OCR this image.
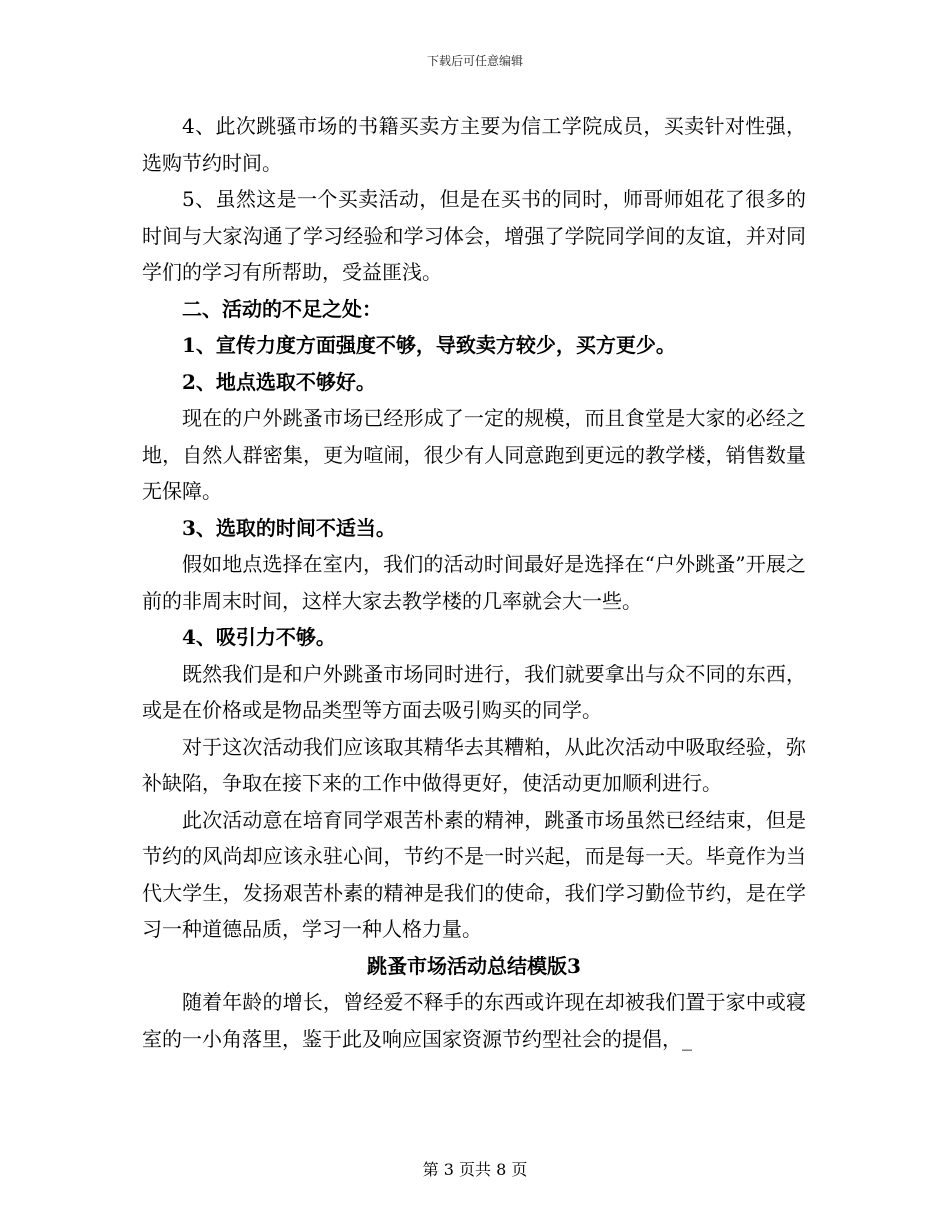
下载后可任意编辑

4、此次跳骚市场的书籍买卖方主要为信工学院成员，买卖针对性强，选购节约时间。

5、虽然这是一个买卖活动，但是在买书的同时，师哥师姐花了很多的时间与大家沟通了学习经验和学习体会，增强了学院同学间的友谊，并对同学们的学习有所帮助，受益匪浅。

二、活动的不足之处：

1、宣传力度方面强度不够，导致卖方较少，买方更少。

2、地点选取不够好。

现在的户外跳蚤市场已经形成了一定的规模，而且食堂是大家的必经之地，自然人群密集，更为喧闹，很少有人同意跑到更远的教学楼，销售数量无保障。

3、选取的时间不适当。

假如地点选择在室内，我们的活动时间最好是选择在“户外跳蚤”开展之前的非周末时间，这样大家去教学楼的几率就会大一些。

4、吸引力不够。

既然我们是和户外跳蚤市场同时进行，我们就要拿出与众不同的东西，或是在价格或是物品类型等方面去吸引购买的同学。

对于这次活动我们应该取其精华去其糟粕，从此次活动中吸取经验，弥补缺陷，争取在接下来的工作中做得更好，使活动更加顺利进行。

此次活动意在培育同学艰苦朴素的精神，跳蚤市场虽然已经结束，但是节约的风尚却应该永驻心间，节约不是一时兴起，而是每一天。毕竟作为当代大学生，发扬艰苦朴素的精神是我们的使命，我们学习勤俭节约，是在学习一种道德品质，学习一种人格力量。

跳蚤市场活动总结模版3

随着年龄的增长，曾经爱不释手的东西或许现在却被我们置于家中或寝室的一小角落里，鉴于此及响应国家资源节约型社会的提倡，_

第 3 页共 8 页
